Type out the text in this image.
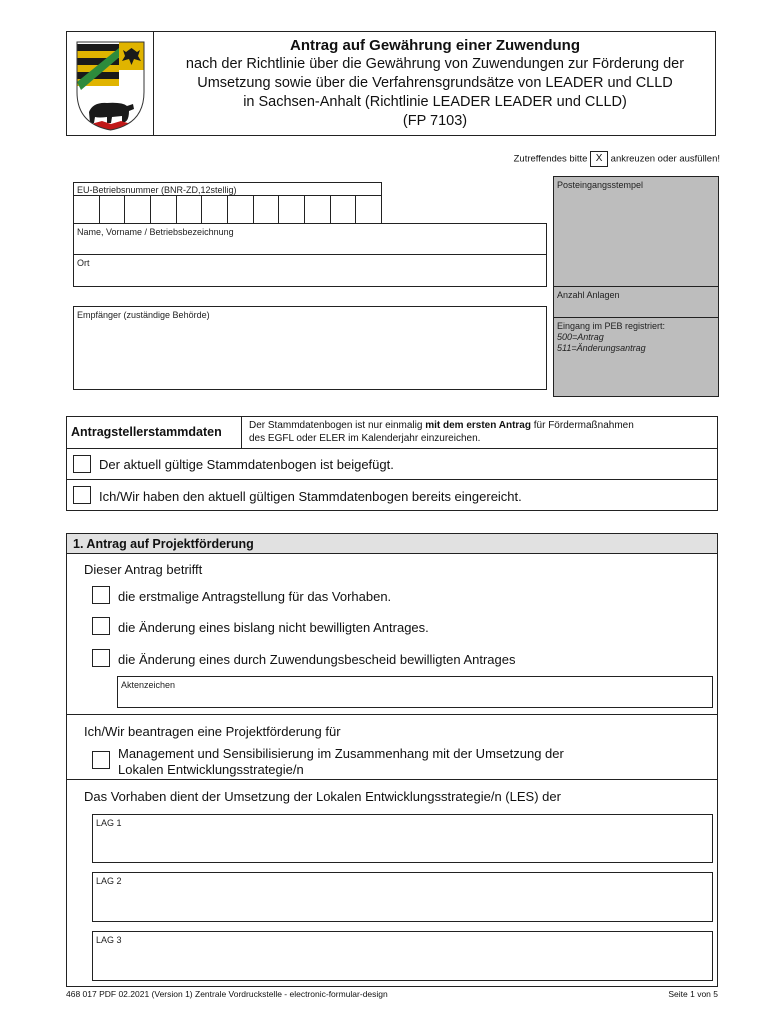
Antrag auf Gewährung einer Zuwendung
nach der Richtlinie über die Gewährung von Zuwendungen zur Förderung der
Umsetzung sowie über die Verfahrensgrundsätze von LEADER und CLLD
in Sachsen-Anhalt (Richtlinie LEADER LEADER und CLLD)
(FP 7103)
Zutreffendes bitte X ankreuzen oder ausfüllen!
EU-Betriebsnummer (BNR-ZD,12stellig)
Name, Vorname / Betriebsbezeichnung
Ort
Empfänger (zuständige Behörde)
Posteingangsstempel
Anzahl Anlagen
Eingang im PEB registriert:
500=Antrag
511=Änderungsantrag
Antragstellerstammdaten	Der Stammdatenbogen ist nur einmalig mit dem ersten Antrag für Fördermaßnahmen
des EGFL oder ELER im Kalenderjahr einzureichen.
Der aktuell gültige Stammdatenbogen ist beigefügt.
Ich/Wir haben den aktuell gültigen Stammdatenbogen bereits eingereicht.
1. Antrag auf Projektförderung
Dieser Antrag betrifft
die erstmalige Antragstellung für das Vorhaben.
die Änderung eines bislang nicht bewilligten Antrages.
die Änderung eines durch Zuwendungsbescheid bewilligten Antrages
Aktenzeichen
Ich/Wir beantragen eine Projektförderung für
Management und Sensibilisierung im Zusammenhang mit der Umsetzung der
Lokalen Entwicklungsstrategie/n
Das Vorhaben dient der Umsetzung der Lokalen Entwicklungsstrategie/n (LES) der
LAG 1
LAG 2
LAG 3
468 017 PDF 02.2021 (Version 1) Zentrale Vordruckstelle - electronic-formular-design	Seite 1 von 5
